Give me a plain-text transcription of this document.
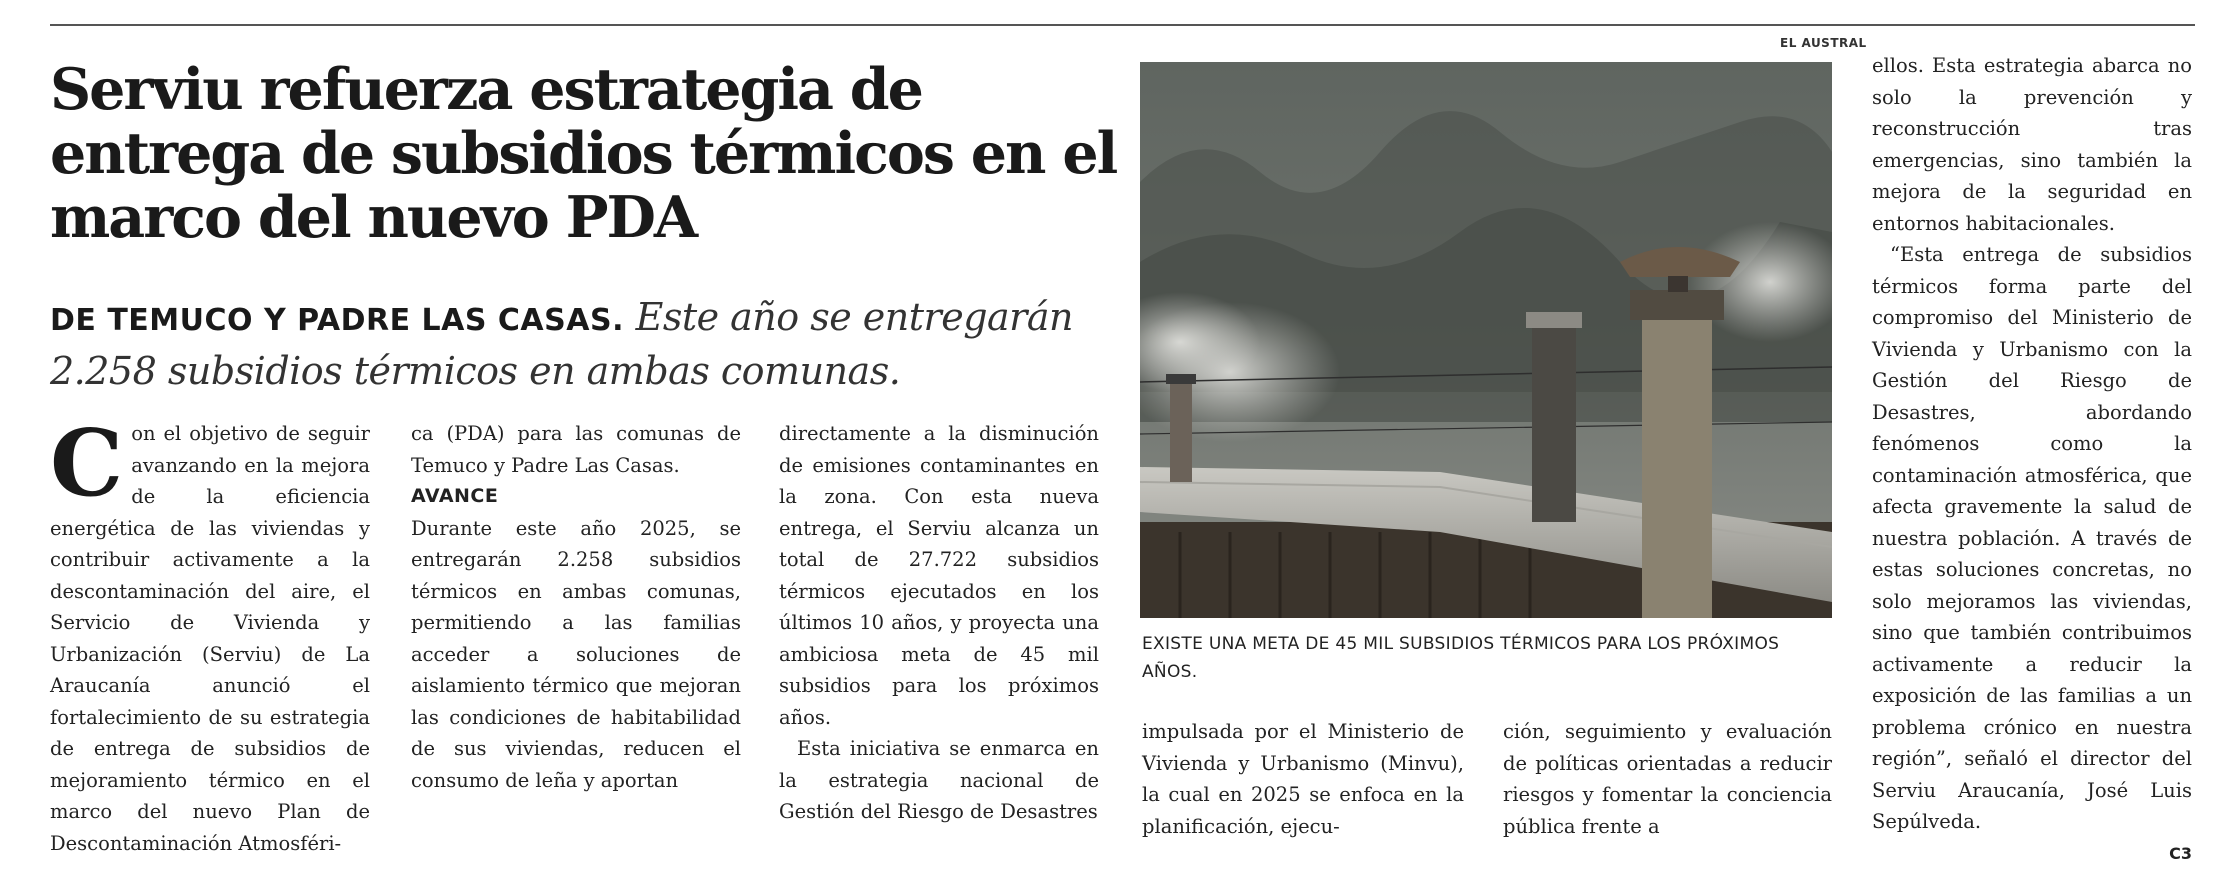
Serviu refuerza estrategia de entrega de subsidios térmicos en el marco del nuevo PDA

DE TEMUCO Y PADRE LAS CASAS. Este año se entregarán 2.258 subsidios térmicos en ambas comunas.

C on el objetivo de seguir avanzando en la mejora de la eficiencia energética de las viviendas y contribuir activamente a la descontaminación del aire, el Servicio de Vivienda y Urbanización (Serviu) de La Araucanía anunció el fortalecimiento de su estrategia de entrega de subsidios de mejoramiento térmico en el marco del nuevo Plan de Descontaminación Atmosféri-

ca (PDA) para las comunas de Temuco y Padre Las Casas.

AVANCE

Durante este año 2025, se entregarán 2.258 subsidios térmicos en ambas comunas, permitiendo a las familias acceder a soluciones de aislamiento térmico que mejoran las condiciones de habitabilidad de sus viviendas, reducen el consumo de leña y aportan

directamente a la disminución de emisiones contaminantes en la zona. Con esta nueva entrega, el Serviu alcanza un total de 27.722 subsidios térmicos ejecutados en los últimos 10 años, y proyecta una ambiciosa meta de 45 mil subsidios para los próximos años.

Esta iniciativa se enmarca en la estrategia nacional de Gestión del Riesgo de Desastres

EL AUSTRAL

EXISTE UNA META DE 45 MIL SUBSIDIOS TÉRMICOS PARA LOS PRÓXIMOS AÑOS.

impulsada por el Ministerio de Vivienda y Urbanismo (Minvu), la cual en 2025 se enfoca en la planificación, ejecu-

ción, seguimiento y evaluación de políticas orientadas a reducir riesgos y fomentar la conciencia pública frente a

ellos. Esta estrategia abarca no solo la prevención y reconstrucción tras emergencias, sino también la mejora de la seguridad en entornos habitacionales.

“Esta entrega de subsidios térmicos forma parte del compromiso del Ministerio de Vivienda y Urbanismo con la Gestión del Riesgo de Desastres, abordando fenómenos como la contaminación atmosférica, que afecta gravemente la salud de nuestra población. A través de estas soluciones concretas, no solo mejoramos las viviendas, sino que también contribuimos activamente a reducir la exposición de las familias a un problema crónico en nuestra región”, señaló el director del Serviu Araucanía, José Luis Sepúlveda.

C3
